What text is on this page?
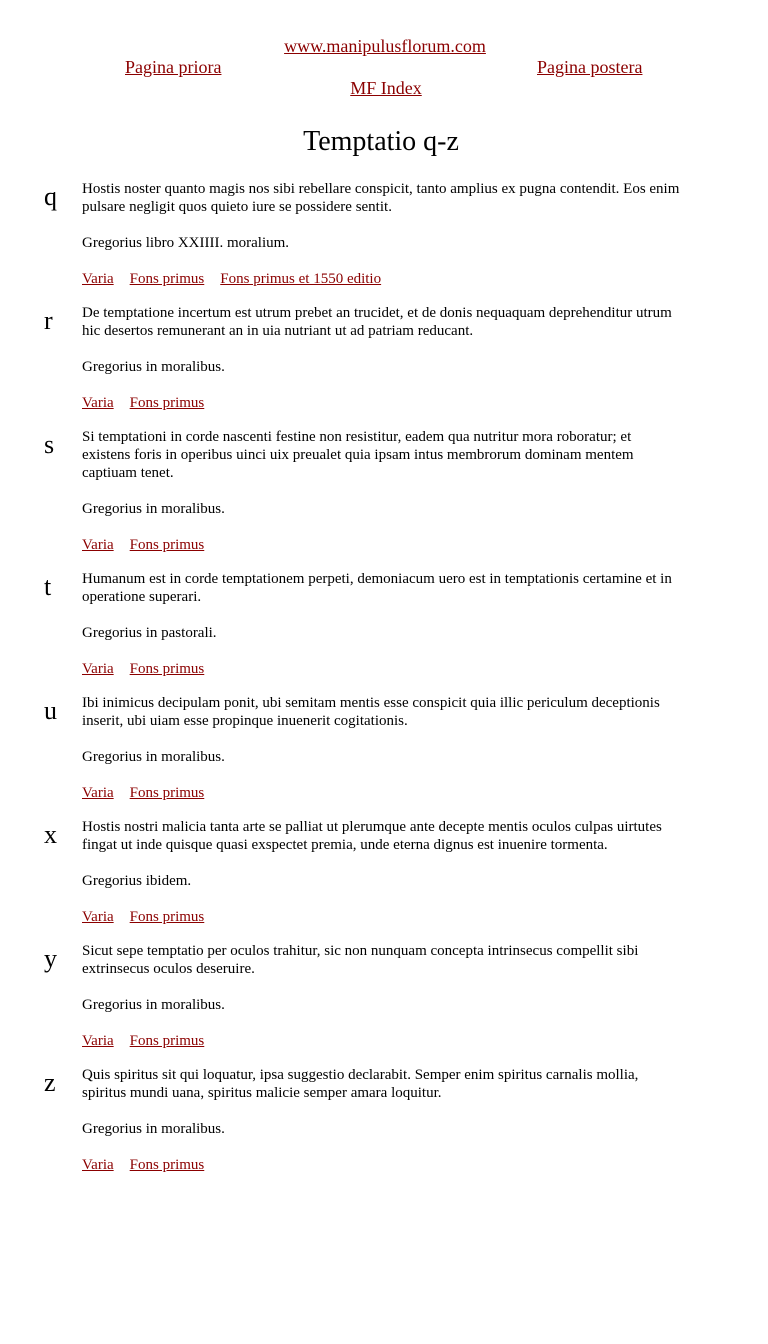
www.manipulusflorum.com
Pagina priora	Pagina postera
MF Index
Temptatio q-z
q	Hostis noster quanto magis nos sibi rebellare conspicit, tanto amplius ex pugna contendit. Eos enim pulsare negligit quos quieto iure se possidere sentit.

Gregorius libro XXIIII. moralium.

Varia Fons primus Fons primus et 1550 editio
r	De temptatione incertum est utrum prebet an trucidet, et de donis nequaquam deprehenditur utrum hic desertos remunerant an in uia nutriant ut ad patriam reducant.

Gregorius in moralibus.

Varia Fons primus
s	Si temptationi in corde nascenti festine non resistitur, eadem qua nutritur mora roboratur; et existens foris in operibus uinci uix preualet quia ipsam intus membrorum dominam mentem captiuam tenet.

Gregorius in moralibus.

Varia Fons primus
t	Humanum est in corde temptationem perpeti, demoniacum uero est in temptationis certamine et in operatione superari.

Gregorius in pastorali.

Varia Fons primus
u	Ibi inimicus decipulam ponit, ubi semitam mentis esse conspicit quia illic periculum deceptionis inserit, ubi uiam esse propinque inuenerit cogitationis.

Gregorius in moralibus.

Varia Fons primus
x	Hostis nostri malicia tanta arte se palliat ut plerumque ante decepte mentis oculos culpas uirtutes fingat ut inde quisque quasi exspectet premia, unde eterna dignus est inuenire tormenta.

Gregorius ibidem.

Varia Fons primus
y	Sicut sepe temptatio per oculos trahitur, sic non nunquam concepta intrinsecus compellit sibi extrinsecus oculos deseruire.

Gregorius in moralibus.

Varia Fons primus
z	Quis spiritus sit qui loquatur, ipsa suggestio declarabit. Semper enim spiritus carnalis mollia, spiritus mundi uana, spiritus malicie semper amara loquitur.

Gregorius in moralibus.

Varia Fons primus
